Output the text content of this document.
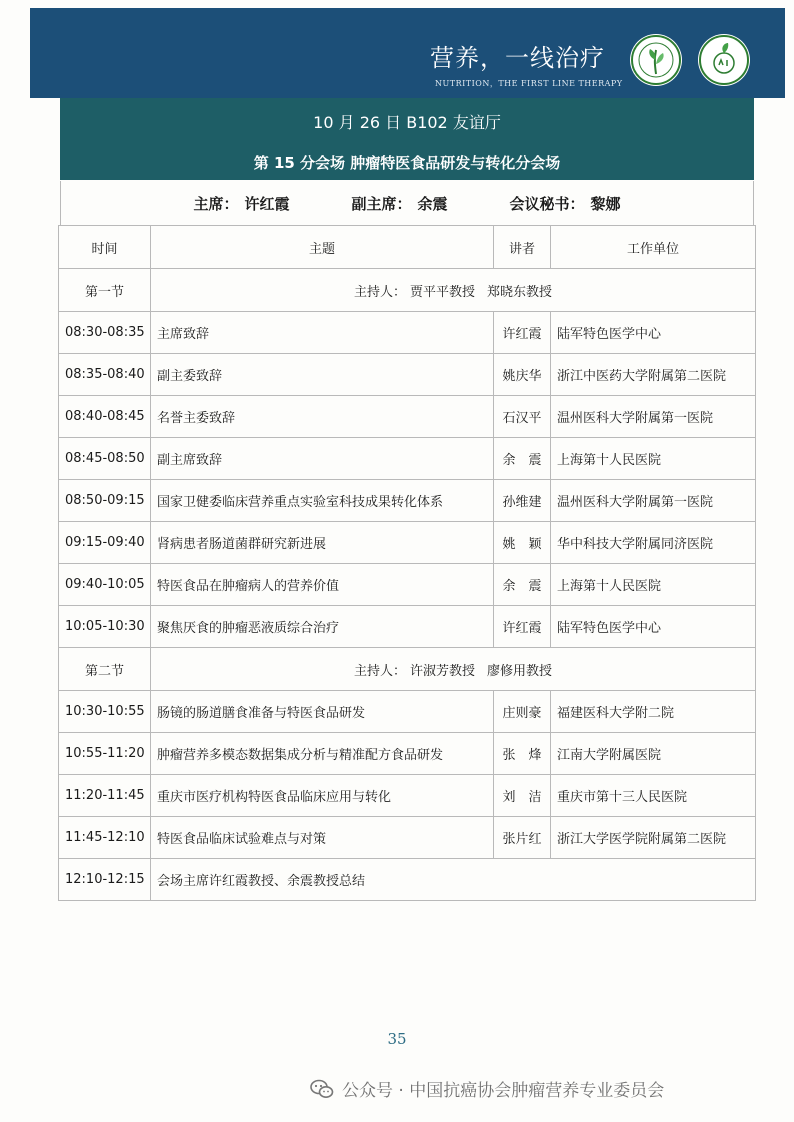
营养，一线治疗
NUTRITION，THE FIRST LINE THERAPY
10 月 26 日 B102 友谊厅
第 15 分会场 肿瘤特医食品研发与转化分会场
主席： 许红霞	副主席： 余震	会议秘书： 黎娜
时间	主题	讲者	工作单位
第一节	主持人： 贾平平教授 郑晓东教授		
08:30-08:35	主席致辞	许红霞	陆军特色医学中心
08:35-08:40	副主委致辞	姚庆华	浙江中医药大学附属第二医院
08:40-08:45	名誉主委致辞	石汉平	温州医科大学附属第一医院
08:45-08:50	副主席致辞	余　震	上海第十人民医院
08:50-09:15	国家卫健委临床营养重点实验室科技成果转化体系	孙维建	温州医科大学附属第一医院
09:15-09:40	肾病患者肠道菌群研究新进展	姚　颖	华中科技大学附属同济医院
09:40-10:05	特医食品在肿瘤病人的营养价值	余　震	上海第十人民医院
10:05-10:30	聚焦厌食的肿瘤恶液质综合治疗	许红霞	陆军特色医学中心
第二节	主持人： 许淑芳教授 廖修用教授		
10:30-10:55	肠镜的肠道膳食准备与特医食品研发	庄则豪	福建医科大学附二院
10:55-11:20	肿瘤营养多模态数据集成分析与精准配方食品研发	张　烽	江南大学附属医院
11:20-11:45	重庆市医疗机构特医食品临床应用与转化	刘　洁	重庆市第十三人民医院
11:45-12:10	特医食品临床试验难点与对策	张片红	浙江大学医学院附属第二医院
12:10-12:15	会场主席许红霞教授、余震教授总结		
35
公众号 · 中国抗癌协会肿瘤营养专业委员会
